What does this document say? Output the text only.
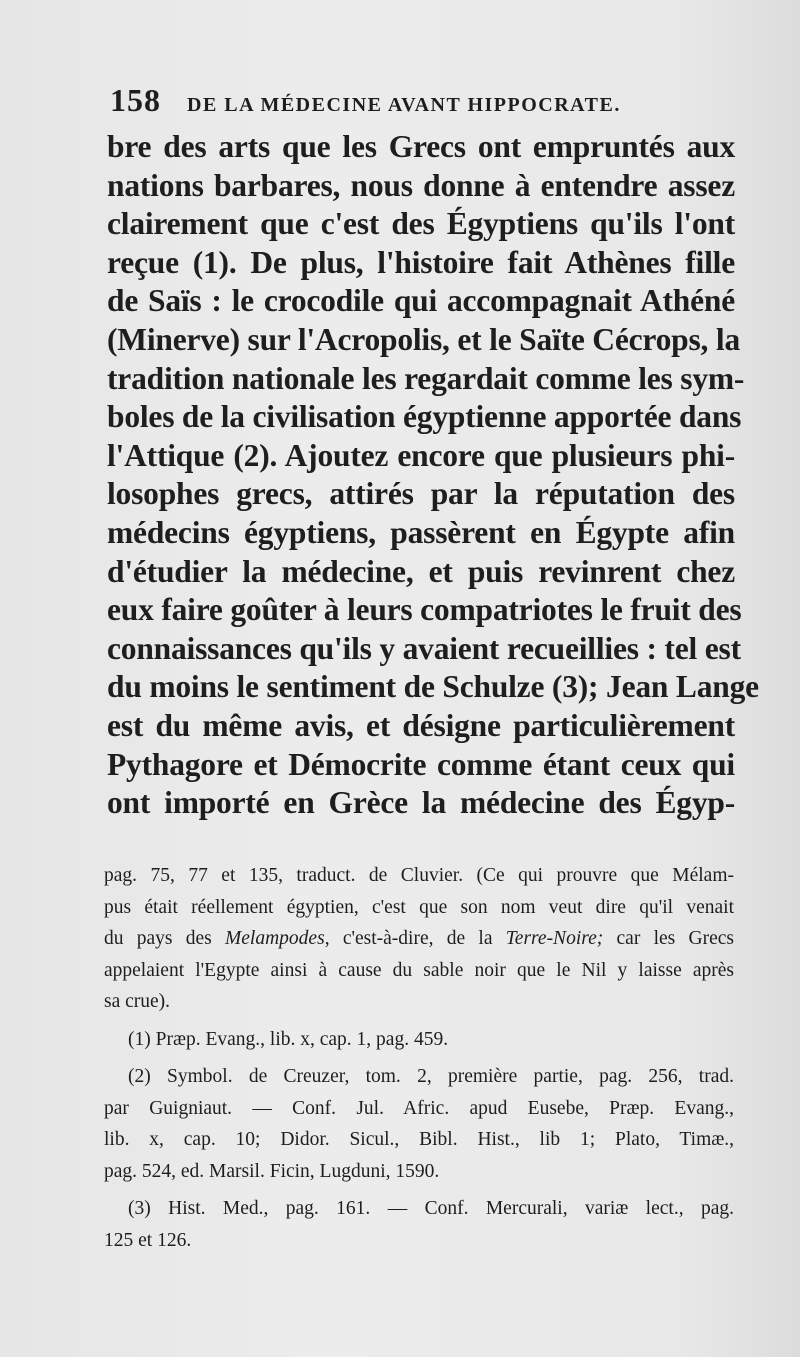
158 DE LA MÉDECINE AVANT HIPPOCRATE.
bre des arts que les Grecs ont empruntés aux
nations barbares, nous donne à entendre assez
clairement que c'est des Égyptiens qu'ils l'ont
reçue (1). De plus, l'histoire fait Athènes fille
de Saïs : le crocodile qui accompagnait Athéné
(Minerve) sur l'Acropolis, et le Saïte Cécrops, la
tradition nationale les regardait comme les sym-
boles de la civilisation égyptienne apportée dans
l'Attique (2). Ajoutez encore que plusieurs phi-
losophes grecs, attirés par la réputation des
médecins égyptiens, passèrent en Égypte afin
d'étudier la médecine, et puis revinrent chez
eux faire goûter à leurs compatriotes le fruit des
connaissances qu'ils y avaient recueillies : tel est
du moins le sentiment de Schulze (3); Jean Lange
est du même avis, et désigne particulièrement
Pythagore et Démocrite comme étant ceux qui
ont importé en Grèce la médecine des Égyp-
pag. 75, 77 et 135, traduct. de Cluvier. (Ce qui prouvre que Mélam-
pus était réellement égyptien, c'est que son nom veut dire qu'il venait
du pays des Melampodes, c'est-à-dire, de la Terre-Noire; car les Grecs
appelaient l'Egypte ainsi à cause du sable noir que le Nil y laisse après
sa crue).
(1) Præp. Evang., lib. x, cap. 1, pag. 459.
(2) Symbol. de Creuzer, tom. 2, première partie, pag. 256, trad.
par Guigniaut. — Conf. Jul. Afric. apud Eusebe, Præp. Evang.,
lib. x, cap. 10; Didor. Sicul., Bibl. Hist., lib 1; Plato, Timæ.,
pag. 524, ed. Marsil. Ficin, Lugduni, 1590.
(3) Hist. Med., pag. 161. — Conf. Mercurali, variæ lect., pag.
125 et 126.
